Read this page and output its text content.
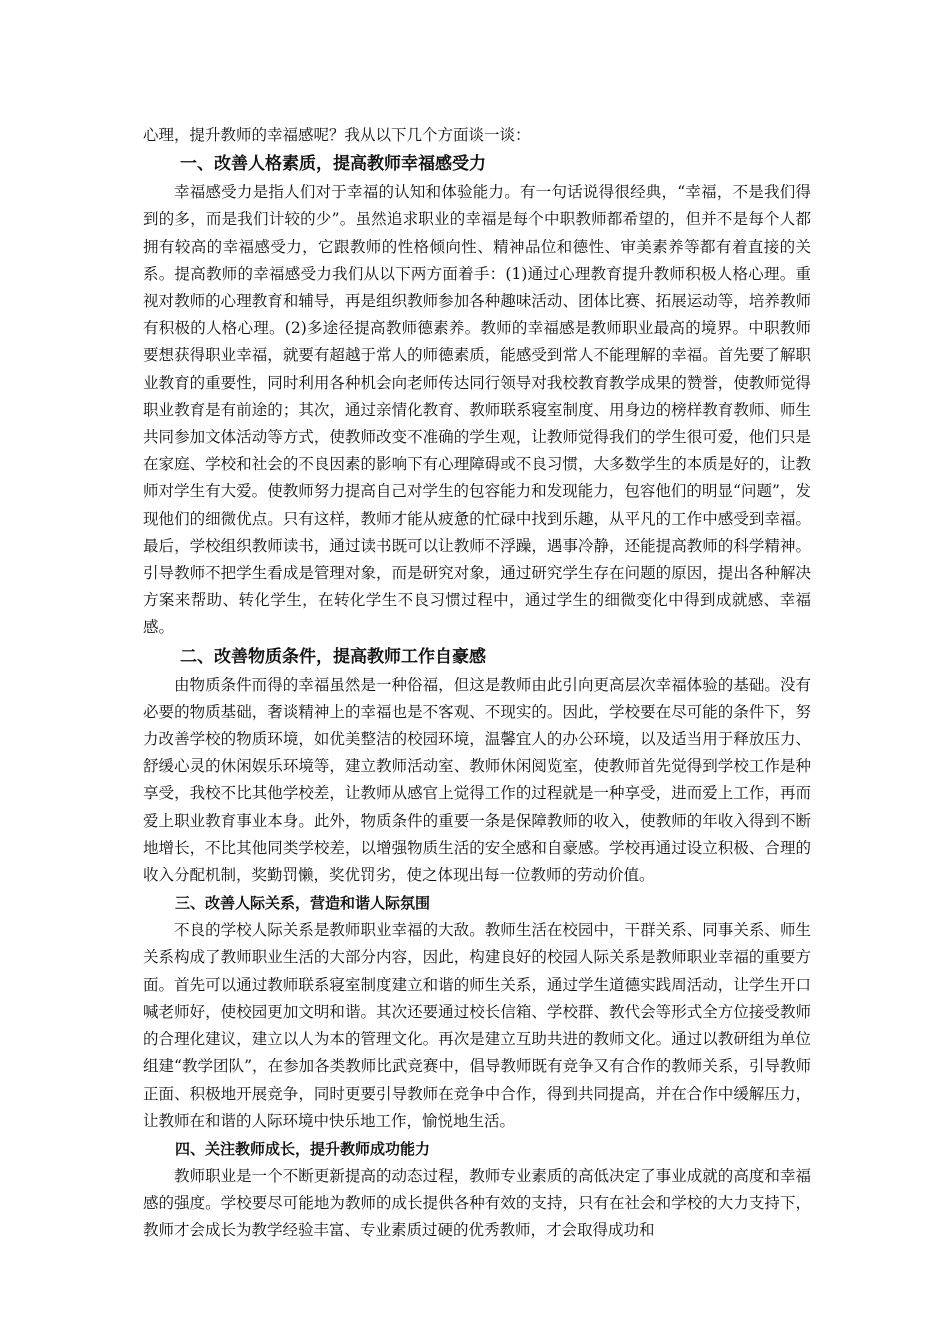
心理，提升教师的幸福感呢？我从以下几个方面谈一谈：

一、改善人格素质，提高教师幸福感受力

幸福感受力是指人们对于幸福的认知和体验能力。有一句话说得很经典，“幸福，不是我们得到的多，而是我们计较的少”。虽然追求职业的幸福是每个中职教师都希望的，但并不是每个人都拥有较高的幸福感受力，它跟教师的性格倾向性、精神品位和德性、审美素养等都有着直接的关系。提高教师的幸福感受力我们从以下两方面着手：(1)通过心理教育提升教师积极人格心理。重视对教师的心理教育和辅导，再是组织教师参加各种趣味活动、团体比赛、拓展运动等，培养教师有积极的人格心理。(2)多途径提高教师德素养。教师的幸福感是教师职业最高的境界。中职教师要想获得职业幸福，就要有超越于常人的师德素质，能感受到常人不能理解的幸福。首先要了解职业教育的重要性，同时利用各种机会向老师传达同行领导对我校教育教学成果的赞誉，使教师觉得职业教育是有前途的；其次，通过亲情化教育、教师联系寝室制度、用身边的榜样教育教师、师生共同参加文体活动等方式，使教师改变不准确的学生观，让教师觉得我们的学生很可爱，他们只是在家庭、学校和社会的不良因素的影响下有心理障碍或不良习惯，大多数学生的本质是好的，让教师对学生有大爱。使教师努力提高自己对学生的包容能力和发现能力，包容他们的明显“问题”，发现他们的细微优点。只有这样，教师才能从疲惫的忙碌中找到乐趣，从平凡的工作中感受到幸福。最后，学校组织教师读书，通过读书既可以让教师不浮躁，遇事冷静，还能提高教师的科学精神。引导教师不把学生看成是管理对象，而是研究对象，通过研究学生存在问题的原因，提出各种解决方案来帮助、转化学生，在转化学生不良习惯过程中，通过学生的细微变化中得到成就感、幸福感。

二、改善物质条件，提高教师工作自豪感

由物质条件而得的幸福虽然是一种俗福，但这是教师由此引向更高层次幸福体验的基础。没有必要的物质基础，奢谈精神上的幸福也是不客观、不现实的。因此，学校要在尽可能的条件下，努力改善学校的物质环境，如优美整洁的校园环境，温馨宜人的办公环境，以及适当用于释放压力、舒缓心灵的休闲娱乐环境等，建立教师活动室、教师休闲阅览室，使教师首先觉得到学校工作是种享受，我校不比其他学校差，让教师从感官上觉得工作的过程就是一种享受，进而爱上工作，再而爱上职业教育事业本身。此外，物质条件的重要一条是保障教师的收入，使教师的年收入得到不断地增长，不比其他同类学校差，以增强物质生活的安全感和自豪感。学校再通过设立积极、合理的收入分配机制，奖勤罚懒，奖优罚劣，使之体现出每一位教师的劳动价值。

三、改善人际关系，营造和谐人际氛围

不良的学校人际关系是教师职业幸福的大敌。教师生活在校园中，干群关系、同事关系、师生关系构成了教师职业生活的大部分内容，因此，构建良好的校园人际关系是教师职业幸福的重要方面。首先可以通过教师联系寝室制度建立和谐的师生关系，通过学生道德实践周活动，让学生开口喊老师好，使校园更加文明和谐。其次还要通过校长信箱、学校群、教代会等形式全方位接受教师的合理化建议，建立以人为本的管理文化。再次是建立互助共进的教师文化。通过以教研组为单位组建“教学团队”，在参加各类教师比武竞赛中，倡导教师既有竞争又有合作的教师关系，引导教师正面、积极地开展竞争，同时更要引导教师在竞争中合作，得到共同提高，并在合作中缓解压力，让教师在和谐的人际环境中快乐地工作，愉悦地生活。

四、关注教师成长，提升教师成功能力

教师职业是一个不断更新提高的动态过程，教师专业素质的高低决定了事业成就的高度和幸福感的强度。学校要尽可能地为教师的成长提供各种有效的支持，只有在社会和学校的大力支持下，教师才会成长为教学经验丰富、专业素质过硬的优秀教师，才会取得成功和
